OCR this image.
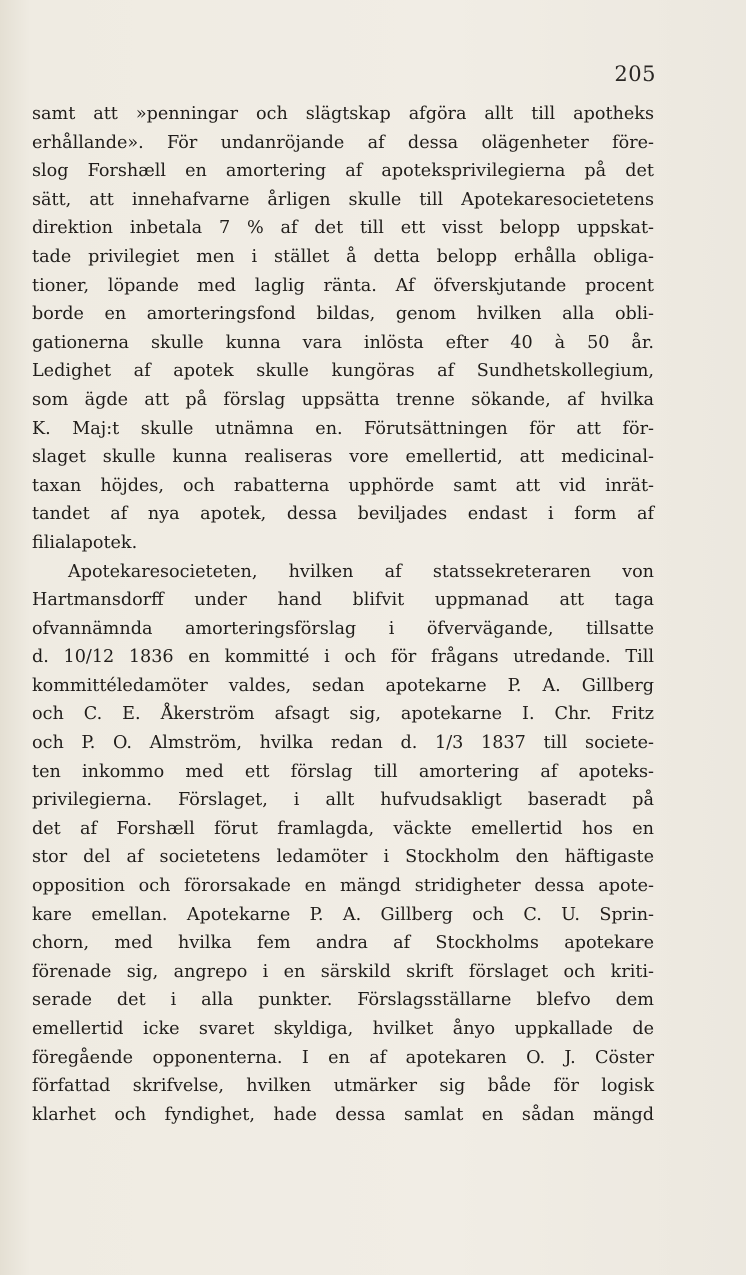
205
samt att »penningar och slägtskap afgöra allt till apotheks
erhållande». För undanröjande af dessa olägenheter före-
slog Forshæll en amortering af apoteksprivilegierna på det
sätt, att innehafvarne årligen skulle till Apotekaresocietetens
direktion inbetala 7 % af det till ett visst belopp uppskat-
tade privilegiet men i stället å detta belopp erhålla obliga-
tioner, löpande med laglig ränta. Af öfverskjutande procent
borde en amorteringsfond bildas, genom hvilken alla obli-
gationerna skulle kunna vara inlösta efter 40 à 50 år.
Ledighet af apotek skulle kungöras af Sundhetskollegium,
som ägde att på förslag uppsätta trenne sökande, af hvilka
K. Maj:t skulle utnämna en. Förutsättningen för att för-
slaget skulle kunna realiseras vore emellertid, att medicinal-
taxan höjdes, och rabatterna upphörde samt att vid inrät-
tandet af nya apotek, dessa beviljades endast i form af
filialapotek.
Apotekaresocieteten, hvilken af statssekreteraren von
Hartmansdorff under hand blifvit uppmanad att taga
ofvannämnda amorteringsförslag i öfvervägande, tillsatte
d. 10/12 1836 en kommitté i och för frågans utredande. Till
kommittéledamöter valdes, sedan apotekarne P. A. Gillberg
och C. E. Åkerström afsagt sig, apotekarne I. Chr. Fritz
och P. O. Almström, hvilka redan d. 1/3 1837 till societe-
ten inkommo med ett förslag till amortering af apoteks-
privilegierna. Förslaget, i allt hufvudsakligt baseradt på
det af Forshæll förut framlagda, väckte emellertid hos en
stor del af societetens ledamöter i Stockholm den häftigaste
opposition och förorsakade en mängd stridigheter dessa apote-
kare emellan. Apotekarne P. A. Gillberg och C. U. Sprin-
chorn, med hvilka fem andra af Stockholms apotekare
förenade sig, angrepo i en särskild skrift förslaget och kriti-
serade det i alla punkter. Förslagsställarne blefvo dem
emellertid icke svaret skyldiga, hvilket ånyo uppkallade de
föregående opponenterna. I en af apotekaren O. J. Cöster
författad skrifvelse, hvilken utmärker sig både för logisk
klarhet och fyndighet, hade dessa samlat en sådan mängd
